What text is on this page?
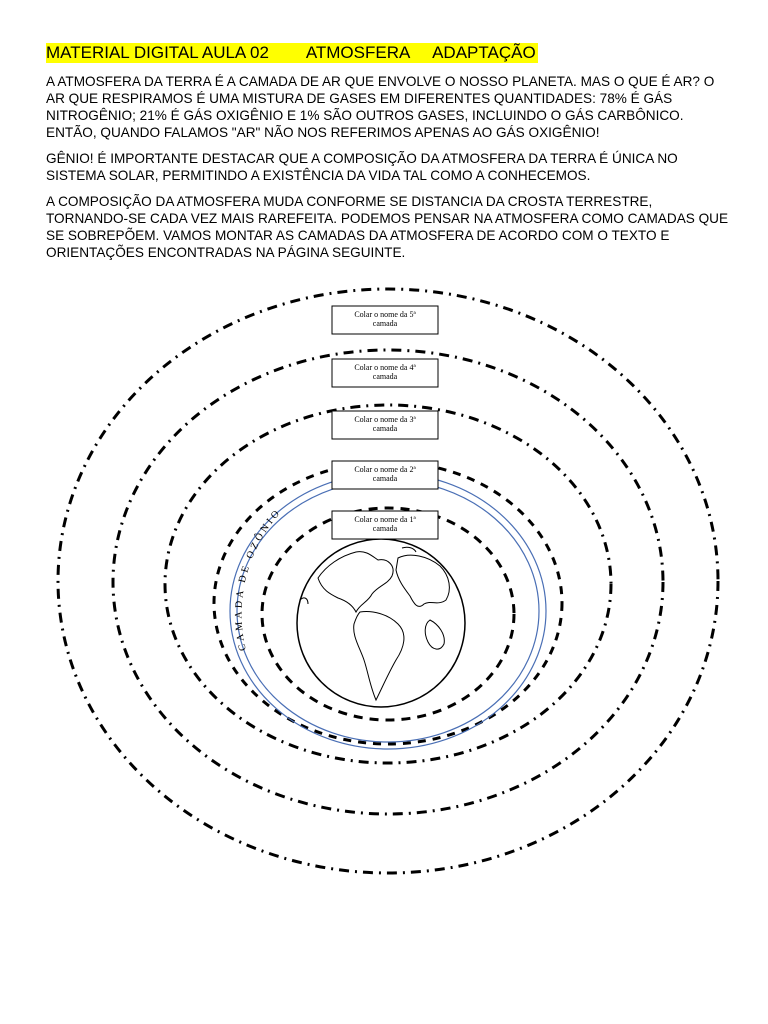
MATERIAL DIGITAL AULA 02        ATMOSFERA     ADAPTAÇÃO

A ATMOSFERA DA TERRA É A CAMADA DE AR QUE ENVOLVE O NOSSO PLANETA. MAS O QUE É AR? O AR QUE RESPIRAMOS É UMA MISTURA DE GASES EM DIFERENTES QUANTIDADES: 78% É GÁS NITROGÊNIO; 21% É GÁS OXIGÊNIO E 1% SÃO OUTROS GASES, INCLUINDO O GÁS CARBÔNICO. ENTÃO, QUANDO FALAMOS "AR" NÃO NOS REFERIMOS APENAS AO GÁS OXIGÊNIO!

GÊNIO! É IMPORTANTE DESTACAR QUE A COMPOSIÇÃO DA ATMOSFERA DA TERRA É ÚNICA NO SISTEMA SOLAR, PERMITINDO A EXISTÊNCIA DA VIDA TAL COMO A CONHECEMOS.

A COMPOSIÇÃO DA ATMOSFERA MUDA CONFORME SE DISTANCIA DA CROSTA TERRESTRE, TORNANDO-SE CADA VEZ MAIS RAREFEITA. PODEMOS PENSAR NA ATMOSFERA COMO CAMADAS QUE SE SOBREPÕEM. VAMOS MONTAR AS CAMADAS DA ATMOSFERA DE ACORDO COM O TEXTO E ORIENTAÇÕES ENCONTRADAS NA PÁGINA SEGUINTE.

CAMADA DE OZÔNIO
Colar o nome da 5ª
camada
Colar o nome da 4ª
camada
Colar o nome da 3ª
camada
Colar o nome da 2ª
camada
Colar o nome da 1ª
camada
